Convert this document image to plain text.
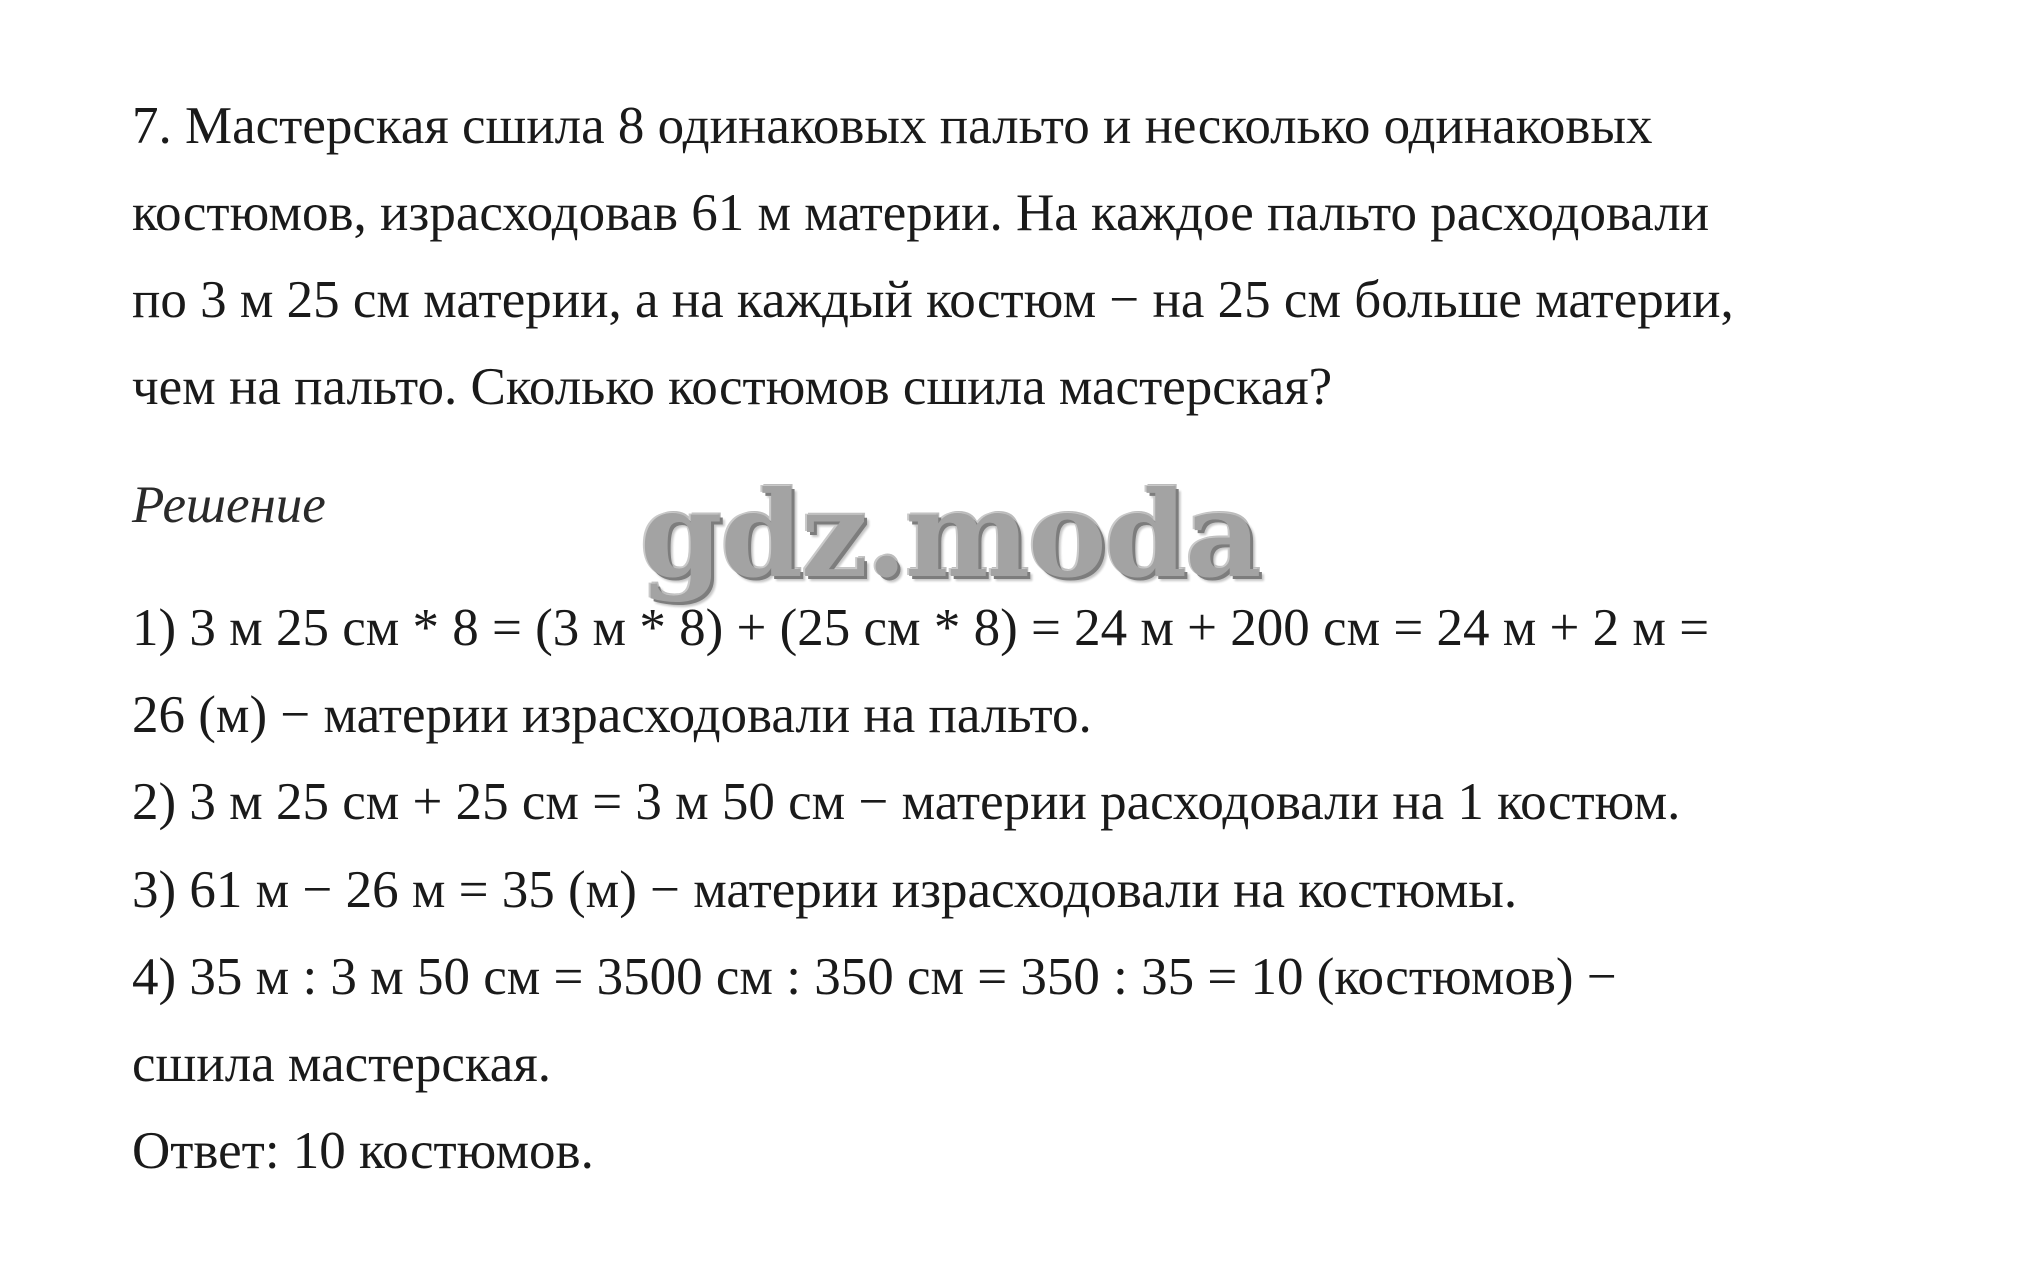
7. Мастерская сшила 8 одинаковых пальто и несколько одинаковых
костюмов, израсходовав 61 м материи. На каждое пальто расходовали
по 3 м 25 см материи, а на каждый костюм − на 25 см больше материи,
чем на пальто. Сколько костюмов сшила мастерская?
Решение	gdz.moda
1) 3 м 25 см * 8 = (3 м * 8) + (25 см * 8) = 24 м + 200 см = 24 м + 2 м =
26 (м) − материи израсходовали на пальто.
2) 3 м 25 см + 25 см = 3 м 50 см − материи расходовали на 1 костюм.
3) 61 м − 26 м = 35 (м) − материи израсходовали на костюмы.
4) 35 м : 3 м 50 см = 3500 см : 350 см = 350 : 35 = 10 (костюмов) −
сшила мастерская.
Ответ: 10 костюмов.
